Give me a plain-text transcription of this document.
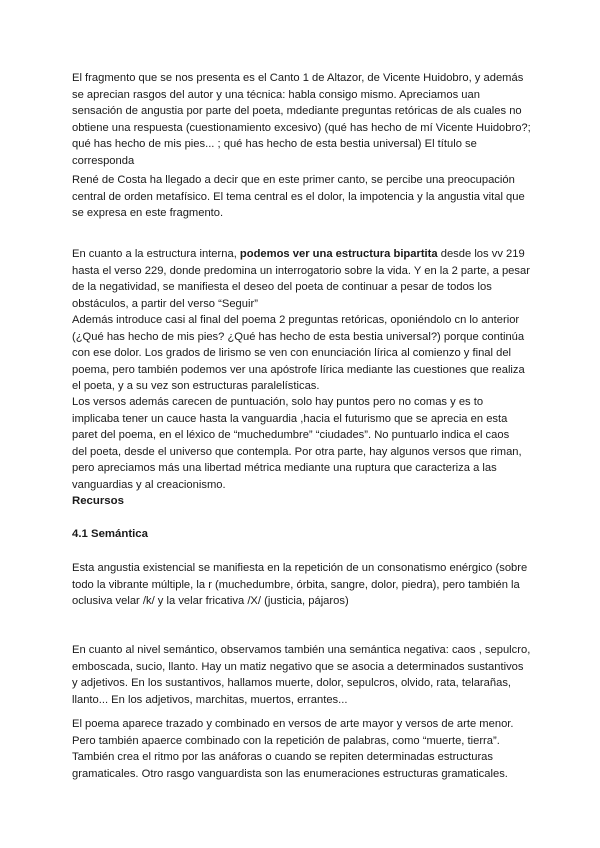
El fragmento que se nos presenta es el Canto 1 de Altazor, de Vicente Huidobro, y además
se aprecian rasgos del autor y una técnica: habla consigo mismo. Apreciamos uan
sensación de angustia por parte del poeta, mdediante preguntas retóricas de als cuales no
obtiene una respuesta (cuestionamiento excesivo) (qué has hecho de mí Vicente Huidobro?;
qué has hecho de mis pies... ; qué has hecho de esta bestia universal) El título se
corresponda
René de Costa ha llegado a decir que en este primer canto, se percibe una preocupación
central de orden metafísico. El tema central es el dolor, la impotencia y la angustia vital que
se expresa en este fragmento.
En cuanto a la estructura interna, podemos ver una estructura bipartita desde los vv 219
hasta el verso 229, donde predomina un interrogatorio sobre la vida. Y en la 2 parte, a pesar
de la negatividad, se manifiesta el deseo del poeta de continuar a pesar de todos los
obstáculos, a partir del verso “Seguir”
Además introduce casi al final del poema 2 preguntas retóricas, oponiéndolo cn lo anterior
(¿Qué has hecho de mis pies? ¿Qué has hecho de esta bestia universal?) porque continúa
con ese dolor. Los grados de lirismo se ven con enunciación lírica al comienzo y final del
poema, pero también podemos ver una apóstrofe lírica mediante las cuestiones que realiza
el poeta, y a su vez son estructuras paralelísticas.
Los versos además carecen de puntuación, solo hay puntos pero no comas y es to
implicaba tener un cauce hasta la vanguardia ,hacia el futurismo que se aprecia en esta
paret del poema, en el léxico de “muchedumbre” “ciudades”. No puntuarlo indica el caos
del poeta, desde el universo que contempla. Por otra parte, hay algunos versos que riman,
pero apreciamos más una libertad métrica mediante una ruptura que caracteriza a las
vanguardias y al creacionismo.
Recursos
4.1 Semántica
Esta angustia existencial se manifiesta en la repetición de un consonatismo enérgico (sobre
todo la vibrante múltiple, la r (muchedumbre, órbita, sangre, dolor, piedra), pero también la
oclusiva velar /k/ y la velar fricativa /X/ (justicia, pájaros)
En cuanto al nivel semántico, observamos también una semántica negativa: caos , sepulcro,
emboscada, sucio, llanto. Hay un matiz negativo que se asocia a determinados sustantivos
y adjetivos. En los sustantivos, hallamos muerte, dolor, sepulcros, olvido, rata, telarañas,
llanto... En los adjetivos, marchitas, muertos, errantes...
El poema aparece trazado y combinado en versos de arte mayor y versos de arte menor.
Pero también apaerce combinado con la repetición de palabras, como “muerte, tierra”.
También crea el ritmo por las anáforas o cuando se repiten determinadas estructuras
gramaticales. Otro rasgo vanguardista son las enumeraciones estructuras gramaticales.
